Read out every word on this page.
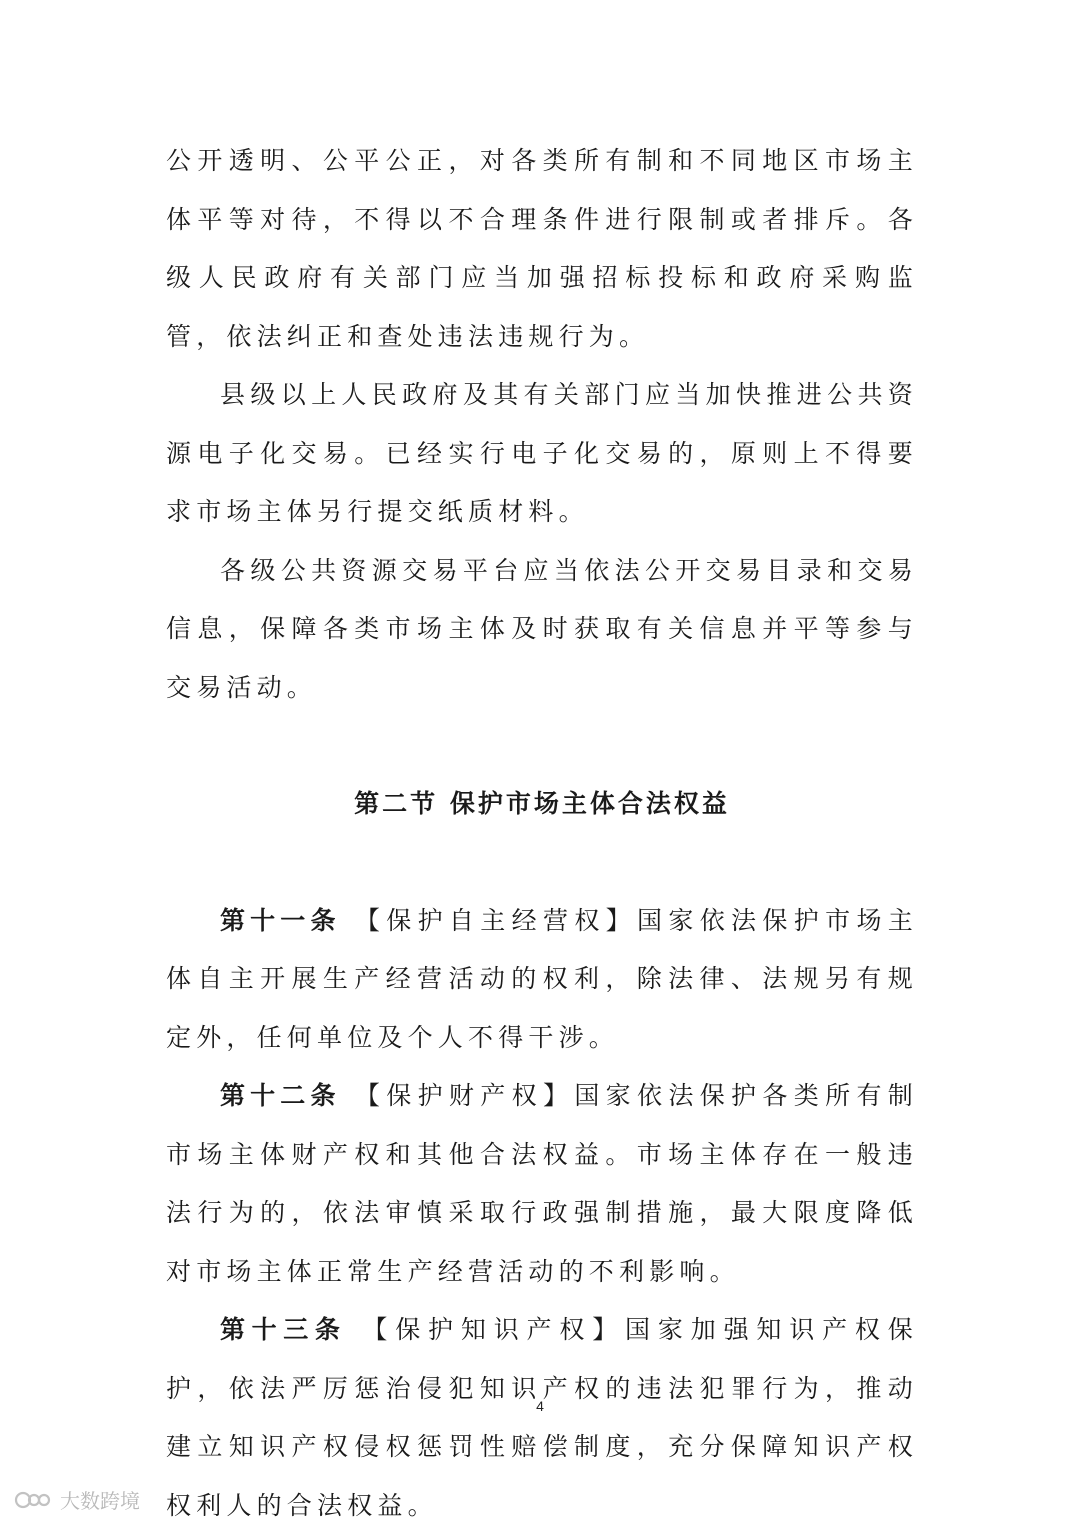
公开透明、公平公正，对各类所有制和不同地区市场主体平等对待，不得以不合理条件进行限制或者排斥。各级人民政府有关部门应当加强招标投标和政府采购监管，依法纠正和查处违法违规行为。

县级以上人民政府及其有关部门应当加快推进公共资源电子化交易。已经实行电子化交易的，原则上不得要求市场主体另行提交纸质材料。

各级公共资源交易平台应当依法公开交易目录和交易信息，保障各类市场主体及时获取有关信息并平等参与交易活动。

第二节 保护市场主体合法权益

第十一条 【保护自主经营权】国家依法保护市场主体自主开展生产经营活动的权利，除法律、法规另有规定外，任何单位及个人不得干涉。

第十二条 【保护财产权】国家依法保护各类所有制市场主体财产权和其他合法权益。市场主体存在一般违法行为的，依法审慎采取行政强制措施，最大限度降低对市场主体正常生产经营活动的不利影响。

第十三条 【保护知识产权】国家加强知识产权保护，依法严厉惩治侵犯知识产权的违法犯罪行为，推动建立知识产权侵权惩罚性赔偿制度，充分保障知识产权权利人的合法权益。

4
大数跨境
